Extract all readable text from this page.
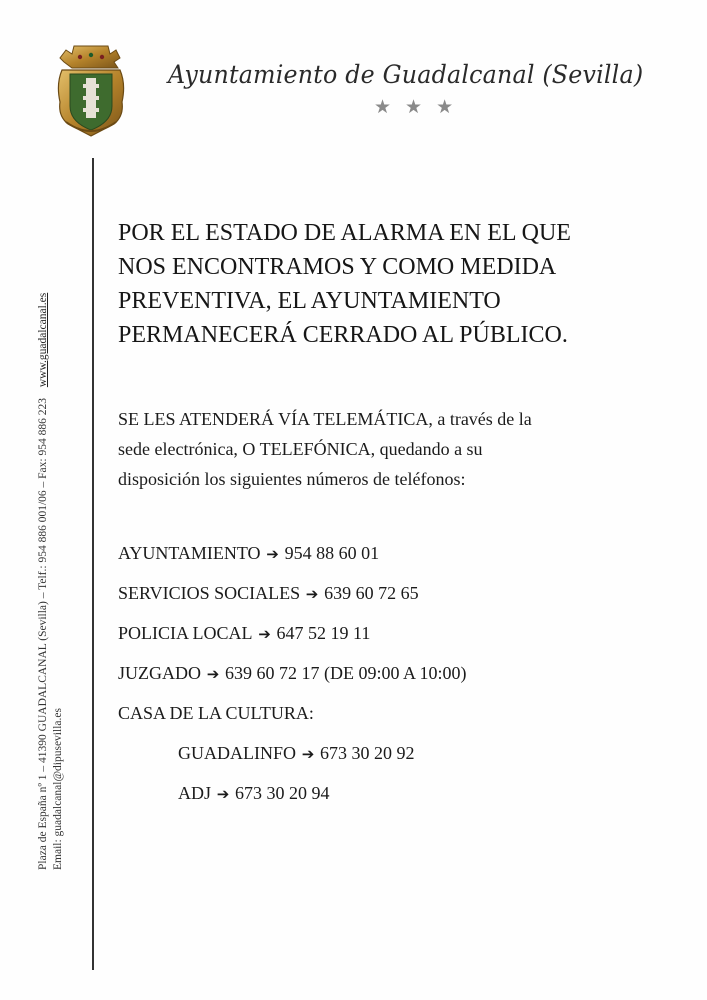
Ayuntamiento de Guadalcanal (Sevilla)
★★★
Plaza de España nº 1 – 41390 GUADALCANAL (Sevilla) – Telf.: 954 886 001/06 – Fax: 954 886 223 www.guadalcanal.es
Email: guadalcanal@dipusevilla.es
POR EL ESTADO DE ALARMA EN EL QUE
NOS ENCONTRAMOS Y COMO MEDIDA
PREVENTIVA, EL AYUNTAMIENTO
PERMANECERÁ CERRADO AL PÚBLICO.
SE LES ATENDERÁ VÍA TELEMÁTICA, a través de la
sede electrónica, O TELEFÓNICA, quedando a su
disposición los siguientes números de teléfonos:
AYUNTAMIENTO ➔ 954 88 60 01
SERVICIOS SOCIALES ➔ 639 60 72 65
POLICIA LOCAL ➔ 647 52 19 11
JUZGADO ➔ 639 60 72 17 (DE 09:00 A 10:00)
CASA DE LA CULTURA:
GUADALINFO ➔ 673 30 20 92
ADJ ➔ 673 30 20 94
